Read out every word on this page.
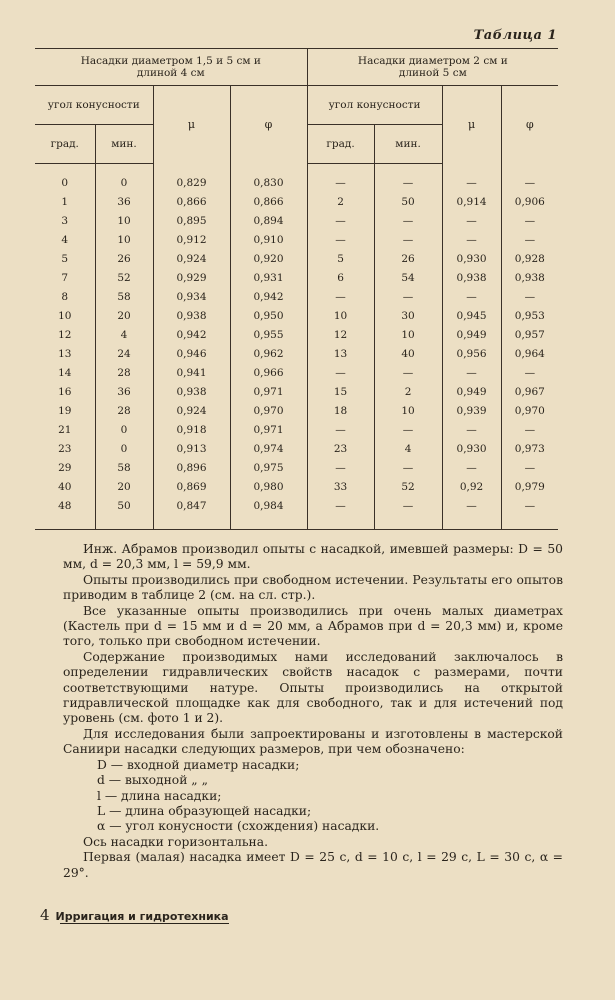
Таблица 1
Насадки диаметром 1,5 и 5 см и длиной 4 см				Насадки диаметром 2 см и длиной 5 см			
угол конусности		μ	φ	угол конусности		μ	φ
град.	мин.			град.	мин.		

0	0	0,829	0,830	—	—	—	—
1	36	0,866	0,866	2	50	0,914	0,906
3	10	0,895	0,894	—	—	—	—
4	10	0,912	0,910	—	—	—	—
5	26	0,924	0,920	5	26	0,930	0,928
7	52	0,929	0,931	6	54	0,938	0,938
8	58	0,934	0,942	—	—	—	—
10	20	0,938	0,950	10	30	0,945	0,953
12	4	0,942	0,955	12	10	0,949	0,957
13	24	0,946	0,962	13	40	0,956	0,964
14	28	0,941	0,966	—	—	—	—
16	36	0,938	0,971	15	2	0,949	0,967
19	28	0,924	0,970	18	10	0,939	0,970
21	0	0,918	0,971	—	—	—	—
23	0	0,913	0,974	23	4	0,930	0,973
29	58	0,896	0,975	—	—	—	—
40	20	0,869	0,980	33	52	0,92	0,979
48	50	0,847	0,984	—	—	—	—

Инж. Абрамов производил опыты с насадкой, имевшей размеры: D = 50 мм, d = 20,3 мм, l = 59,9 мм.

Опыты производились при свободном истечении. Результаты его опытов приводим в таблице 2 (см. на сл. стр.).

Все указанные опыты производились при очень малых диаметрах (Кастель при d = 15 мм и d = 20 мм, а Абрамов при d = 20,3 мм) и, кроме того, только при свободном истечении.

Содержание производимых нами исследований заключалось в определении гидравлических свойств насадок с размерами, почти соответствующими натуре. Опыты производились на открытой гидравлической площадке как для свободного, так и для истечений под уровень (см. фото 1 и 2).

Для исследования были запроектированы и изготовлены в мастерской Саниири насадки следующих размеров, при чем обозначено:

D — входной диаметр насадки;

d — выходной „ „

l — длина насадки;

L — длина образующей насадки;

α — угол конусности (схождения) насадки.

Ось насадки горизонтальна.

Первая (малая) насадка имеет D = 25 с, d = 10 с, l = 29 с, L = 30 с, α = 29°.

4 Ирригация и гидротехника
